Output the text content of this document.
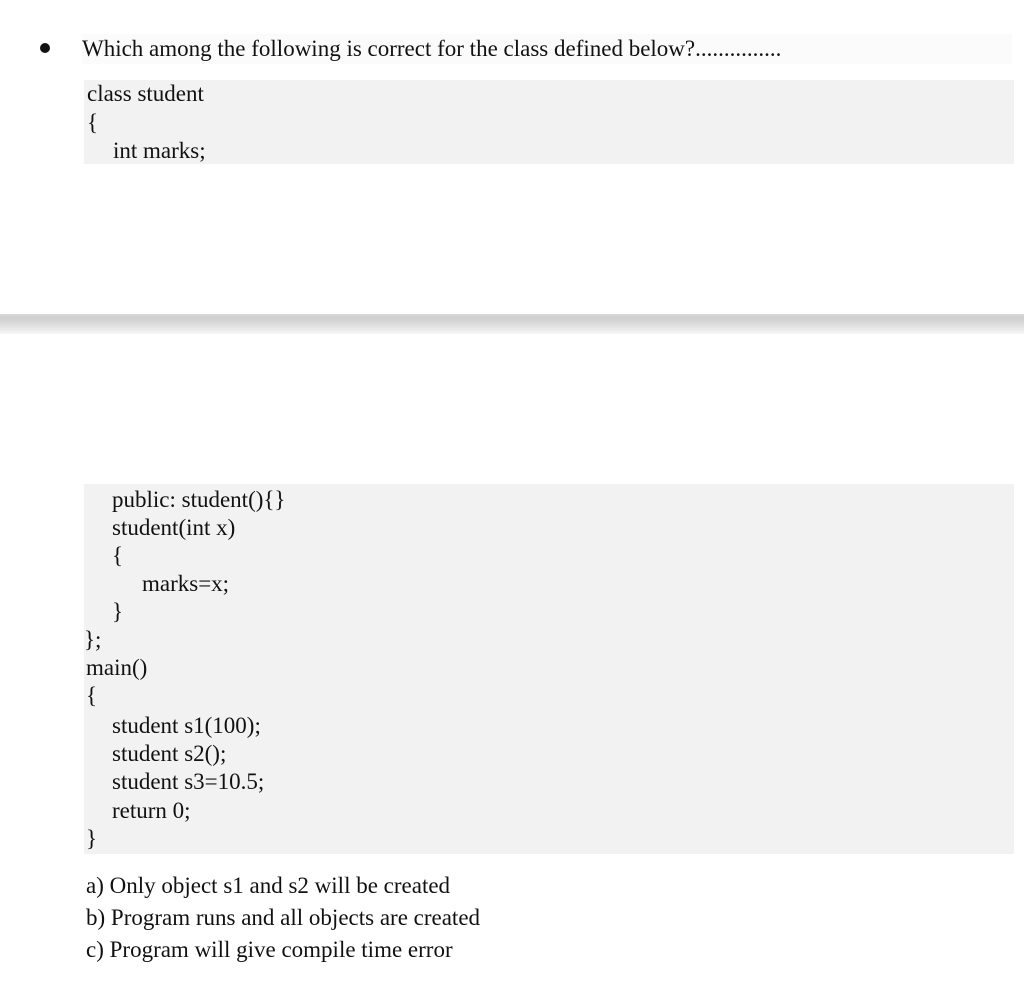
Which among the following is correct for the class defined below?...............
class student
{
int marks;
public: student(){}
student(int x)
{
marks=x;
}
};
main()
{
student s1(100);
student s2();
student s3=10.5;
return 0;
}
a) Only object s1 and s2 will be created
b) Program runs and all objects are created
c) Program will give compile time error
